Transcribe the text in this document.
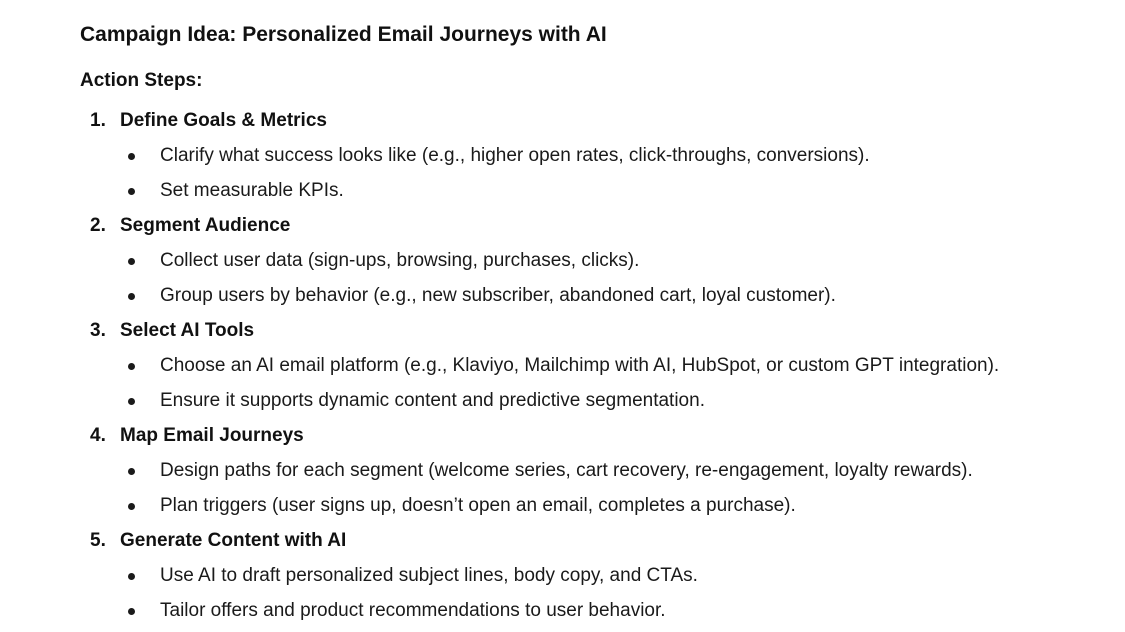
Campaign Idea: Personalized Email Journeys with AI
Action Steps:
1. Define Goals & Metrics
Clarify what success looks like (e.g., higher open rates, click-throughs, conversions).
Set measurable KPIs.
2. Segment Audience
Collect user data (sign-ups, browsing, purchases, clicks).
Group users by behavior (e.g., new subscriber, abandoned cart, loyal customer).
3. Select AI Tools
Choose an AI email platform (e.g., Klaviyo, Mailchimp with AI, HubSpot, or custom GPT integration).
Ensure it supports dynamic content and predictive segmentation.
4. Map Email Journeys
Design paths for each segment (welcome series, cart recovery, re-engagement, loyalty rewards).
Plan triggers (user signs up, doesn’t open an email, completes a purchase).
5. Generate Content with AI
Use AI to draft personalized subject lines, body copy, and CTAs.
Tailor offers and product recommendations to user behavior.
